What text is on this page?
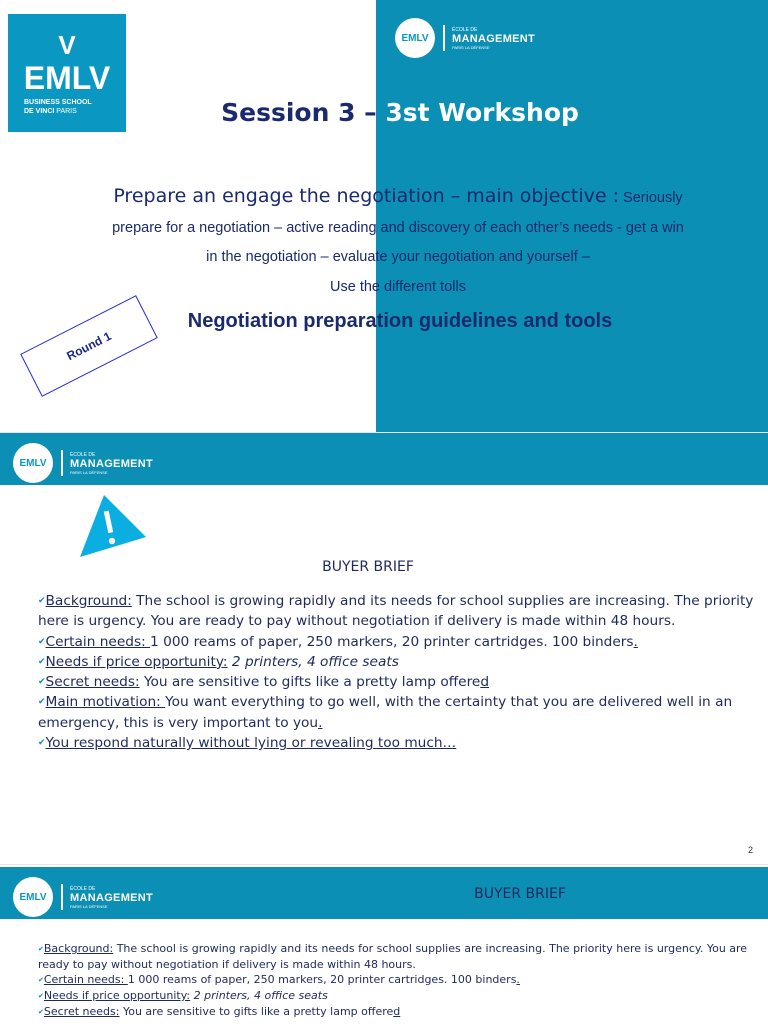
V
EMLV
BUSINESS SCHOOL
DE VINCI PARIS
EMLV
ÉCOLE DE
MANAGEMENT
PARIS LA DÉFENSE
Session 3 – 3st Workshop
Prepare an engage the negotiation – main objective : Seriously
prepare for a negotiation – active reading and discovery of each other’s needs - get a win
in the negotiation – evaluate your negotiation and yourself –
Use the different tolls
Negotiation preparation guidelines and tools
Round 1
EMLV
ÉCOLE DE
MANAGEMENT
PARIS LA DÉFENSE
BUYER BRIEF

✔Background: The school is growing rapidly and its needs for school supplies are increasing. The priority here is urgency. You are ready to pay without negotiation if delivery is made within 48 hours.

✔Certain needs: 1 000 reams of paper, 250 markers, 20 printer cartridges. 100 binders.

✔Needs if price opportunity: 2 printers, 4 office seats

✔Secret needs: You are sensitive to gifts like a pretty lamp offered

✔Main motivation: You want everything to go well, with the certainty that you are delivered well in an emergency, this is very important to you.

✔You respond naturally without lying or revealing too much…

2
EMLV
ÉCOLE DE
MANAGEMENT
PARIS LA DÉFENSE
BUYER BRIEF

✔Background: The school is growing rapidly and its needs for school supplies are increasing. The priority here is urgency. You are ready to pay without negotiation if delivery is made within 48 hours.

✔Certain needs: 1 000 reams of paper, 250 markers, 20 printer cartridges. 100 binders.

✔Needs if price opportunity: 2 printers, 4 office seats

✔Secret needs: You are sensitive to gifts like a pretty lamp offered
